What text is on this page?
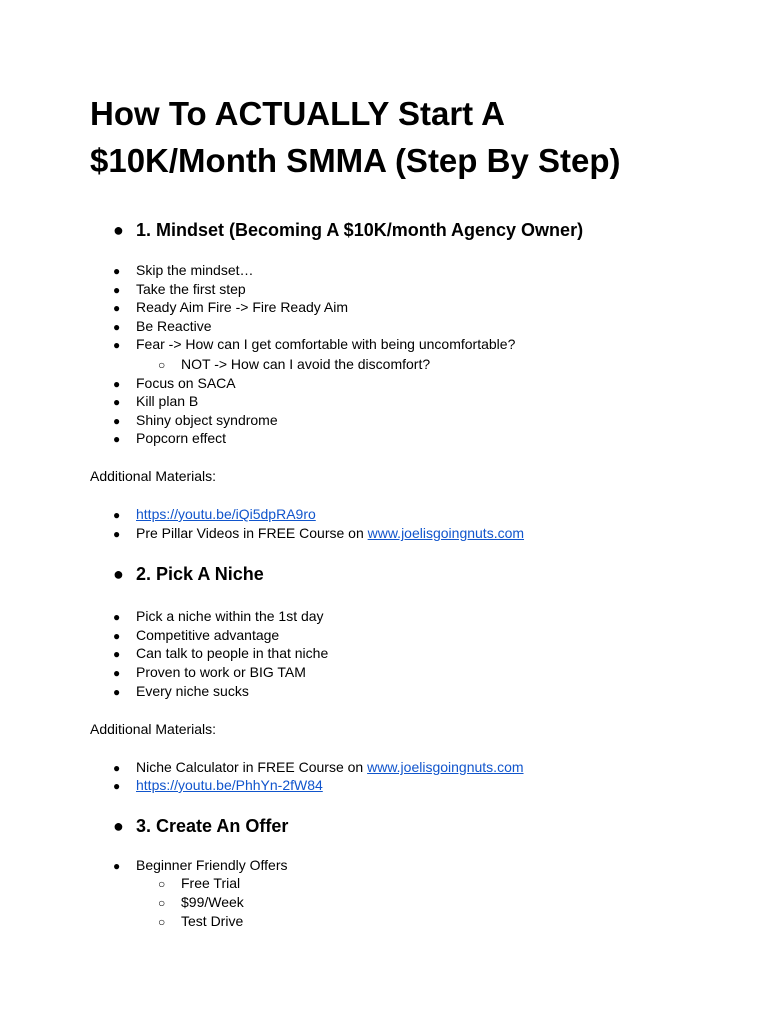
How To ACTUALLY Start A
$10K/Month SMMA (Step By Step)
● 1. Mindset (Becoming A $10K/month Agency Owner)
● Skip the mindset…
● Take the first step
● Ready Aim Fire -> Fire Ready Aim
● Be Reactive
● Fear -> How can I get comfortable with being uncomfortable?
○ NOT -> How can I avoid the discomfort?
● Focus on SACA
● Kill plan B
● Shiny object syndrome
● Popcorn effect
Additional Materials:
● https://youtu.be/iQi5dpRA9ro
● Pre Pillar Videos in FREE Course on www.joelisgoingnuts.com
● 2. Pick A Niche
● Pick a niche within the 1st day
● Competitive advantage
● Can talk to people in that niche
● Proven to work or BIG TAM
● Every niche sucks
Additional Materials:
● Niche Calculator in FREE Course on www.joelisgoingnuts.com
● https://youtu.be/PhhYn-2fW84
● 3. Create An Offer
● Beginner Friendly Offers
○ Free Trial
○ $99/Week
○ Test Drive
